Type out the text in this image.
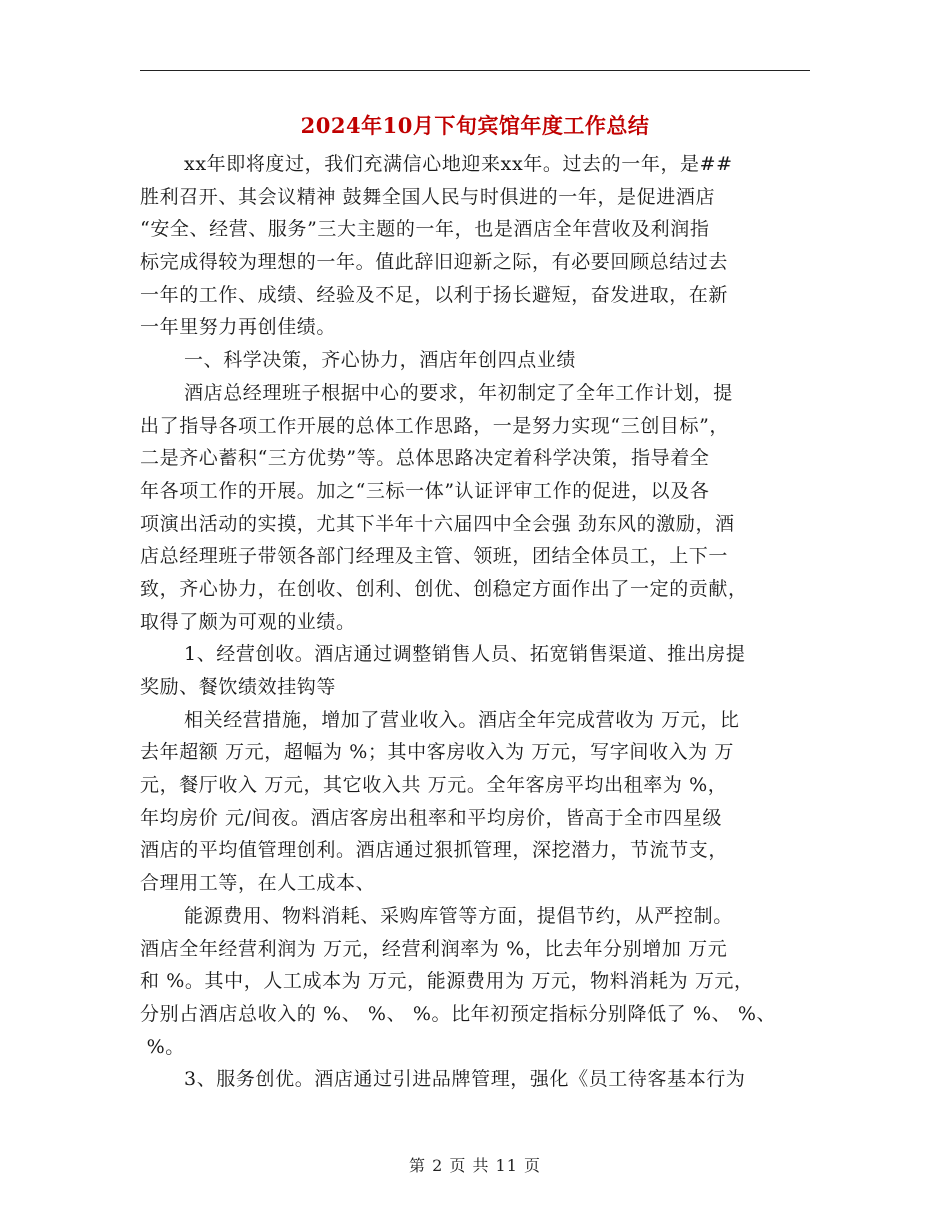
2024年10月下旬宾馆年度工作总结
xx年即将度过，我们充满信心地迎来xx年。过去的一年，是##
胜利召开、其会议精神 鼓舞全国人民与时俱进的一年，是促进酒店
“安全、经营、服务”三大主题的一年，也是酒店全年营收及利润指
标完成得较为理想的一年。值此辞旧迎新之际，有必要回顾总结过去
一年的工作、成绩、经验及不足，以利于扬长避短，奋发进取，在新
一年里努力再创佳绩。
一、科学决策，齐心协力，酒店年创四点业绩
酒店总经理班子根据中心的要求，年初制定了全年工作计划，提
出了指导各项工作开展的总体工作思路，一是努力实现“三创目标”，
二是齐心蓄积“三方优势”等。总体思路决定着科学决策，指导着全
年各项工作的开展。加之“三标一体”认证评审工作的促进，以及各
项演出活动的实摸，尤其下半年十六届四中全会强 劲东风的激励，酒
店总经理班子带领各部门经理及主管、领班，团结全体员工，上下一
致，齐心协力，在创收、创利、创优、创稳定方面作出了一定的贡献，
取得了颇为可观的业绩。
1、经营创收。酒店通过调整销售人员、拓宽销售渠道、推出房提
奖励、餐饮绩效挂钩等
相关经营措施，增加了营业收入。酒店全年完成营收为 万元，比
去年超额 万元，超幅为 %；其中客房收入为 万元，写字间收入为 万
元，餐厅收入 万元，其它收入共 万元。全年客房平均出租率为 %，
年均房价 元/间夜。酒店客房出租率和平均房价，皆高于全市四星级
酒店的平均值管理创利。酒店通过狠抓管理，深挖潜力，节流节支，
合理用工等，在人工成本、
能源费用、物料消耗、采购库管等方面，提倡节约，从严控制。
酒店全年经营利润为 万元，经营利润率为 %，比去年分别增加 万元
和 %。其中，人工成本为 万元，能源费用为 万元，物料消耗为 万元，
分别占酒店总收入的 %、 %、 %。比年初预定指标分别降低了 %、 %、
%。
3、服务创优。酒店通过引进品牌管理，强化《员工待客基本行为
第 2 页 共 11 页
